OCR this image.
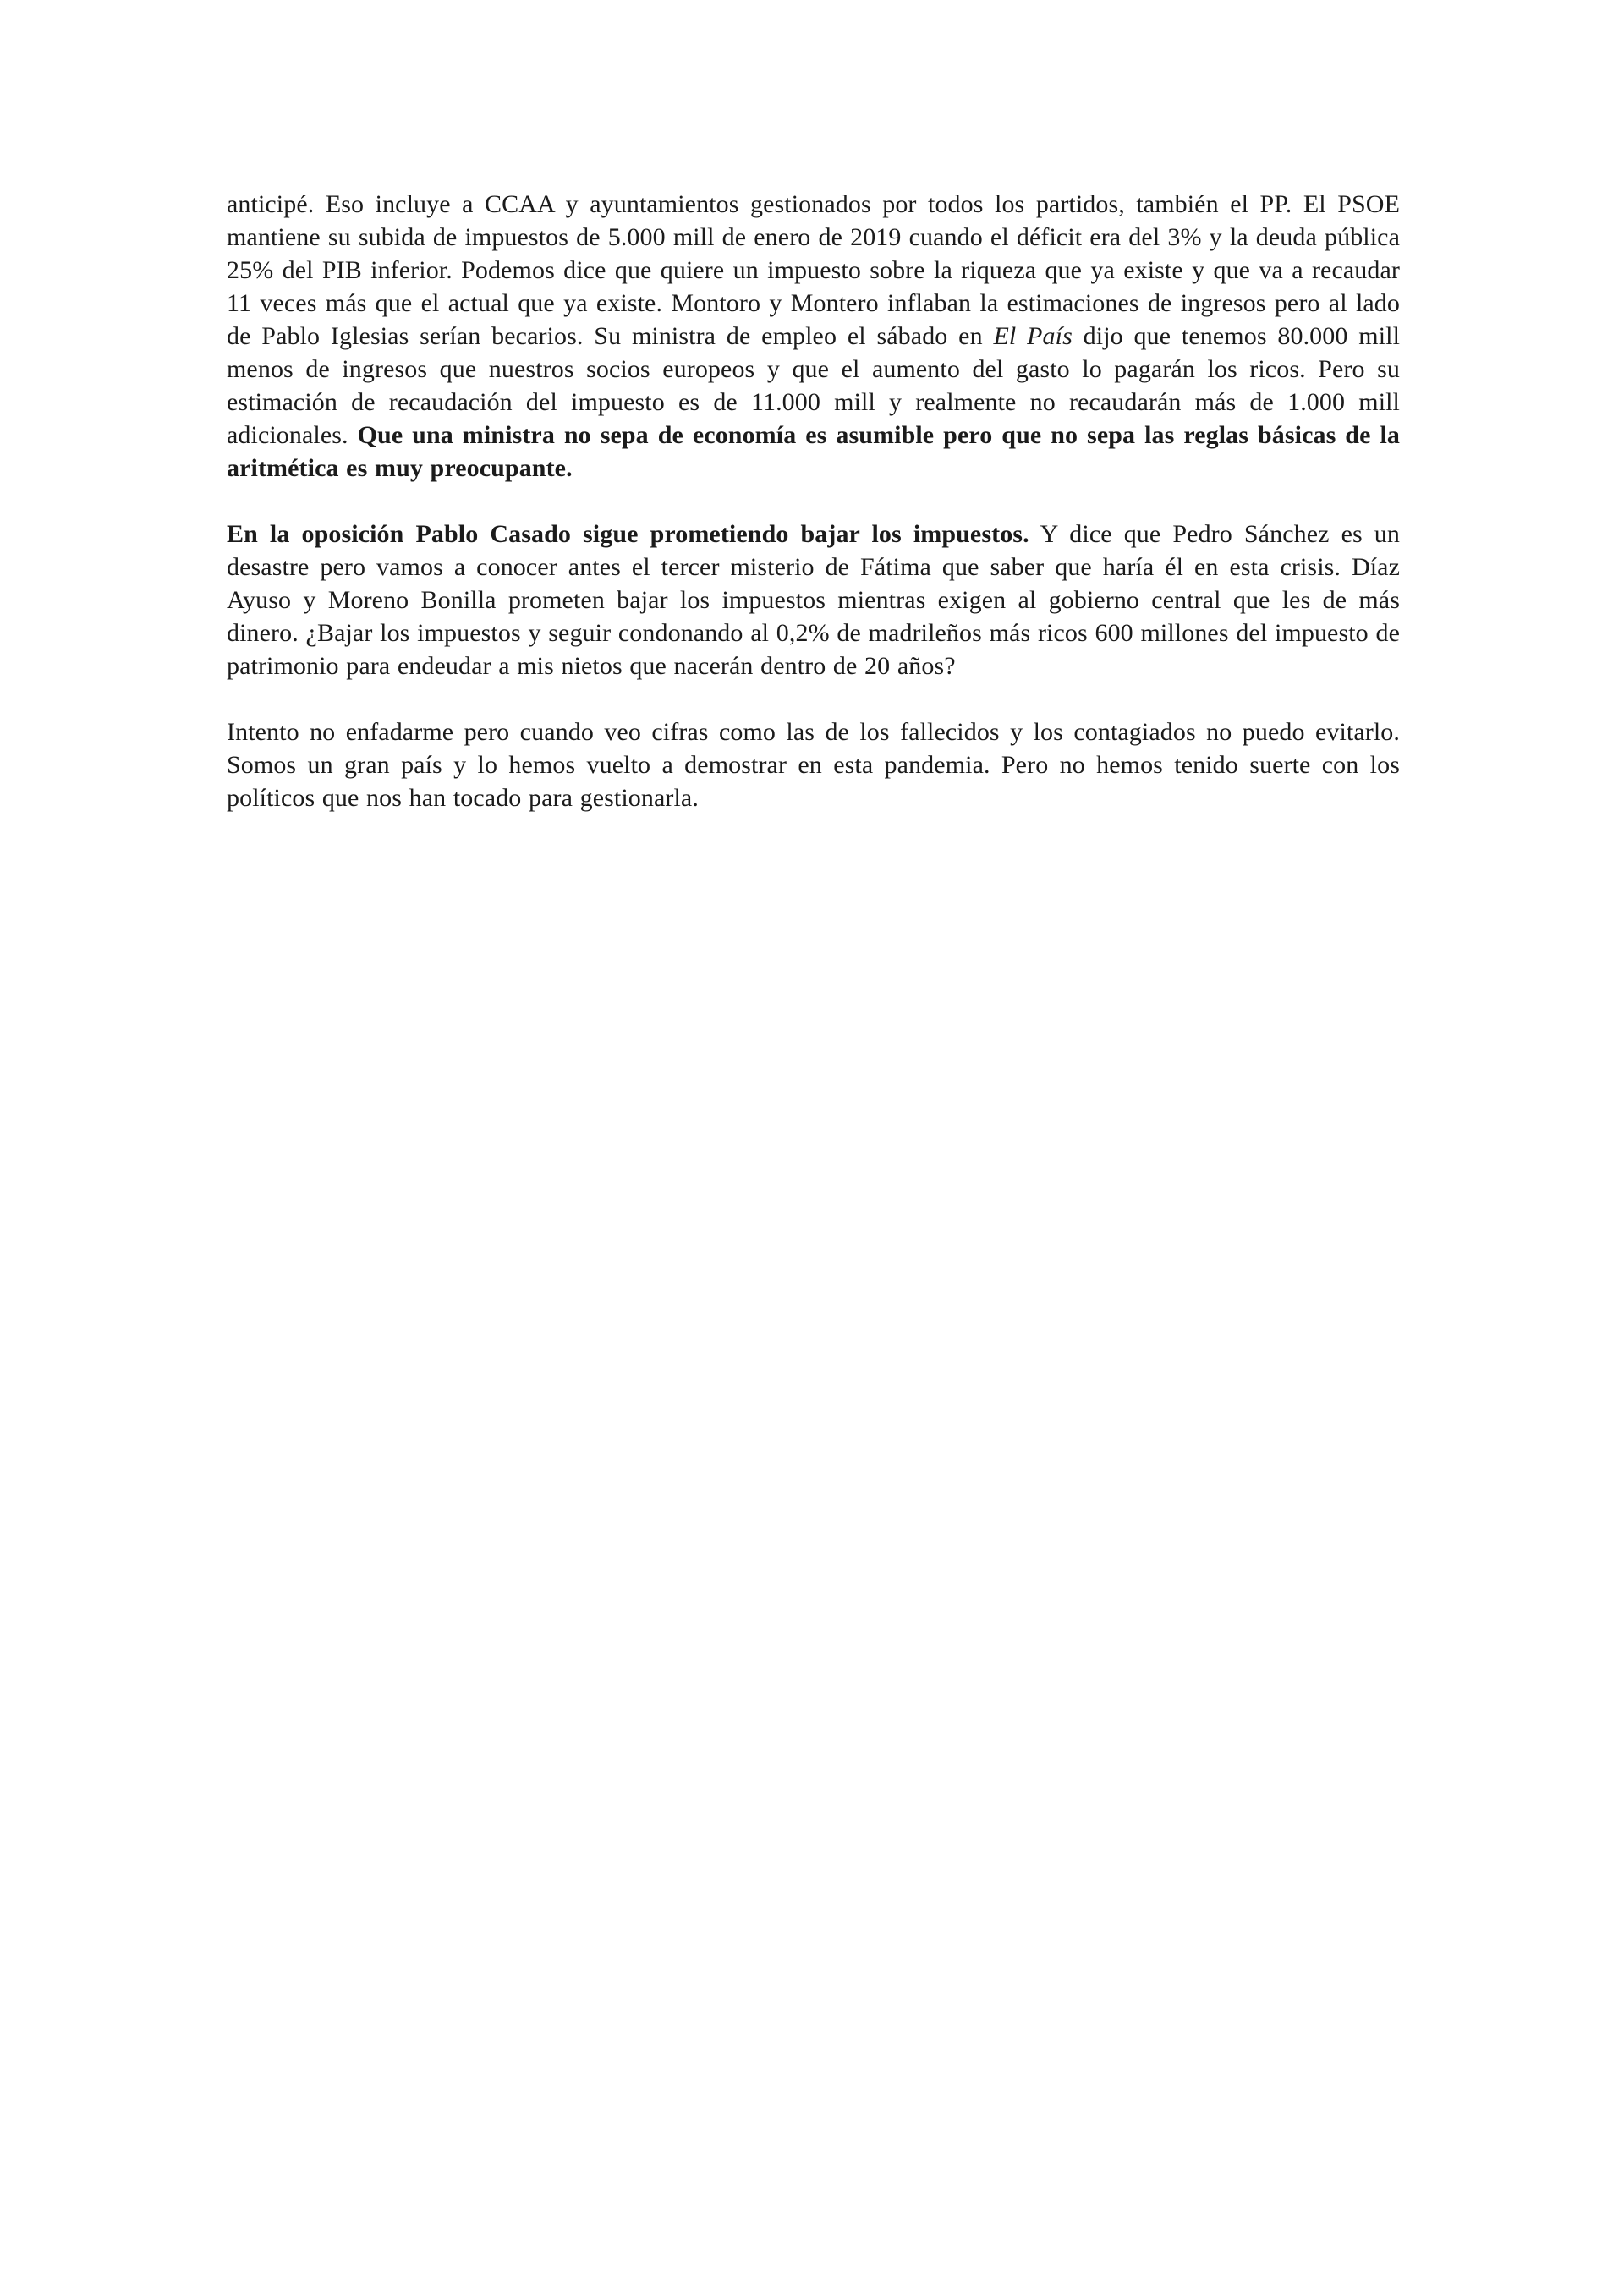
anticipé. Eso incluye a CCAA y ayuntamientos gestionados por todos los partidos, también el PP. El PSOE mantiene su subida de impuestos de 5.000 mill de enero de 2019 cuando el déficit era del 3% y la deuda pública 25% del PIB inferior. Podemos dice que quiere un impuesto sobre la riqueza que ya existe y que va a recaudar 11 veces más que el actual que ya existe. Montoro y Montero inflaban la estimaciones de ingresos pero al lado de Pablo Iglesias serían becarios. Su ministra de empleo el sábado en El País dijo que tenemos 80.000 mill menos de ingresos que nuestros socios europeos y que el aumento del gasto lo pagarán los ricos. Pero su estimación de recaudación del impuesto es de 11.000 mill y realmente no recaudarán más de 1.000 mill adicionales. Que una ministra no sepa de economía es asumible pero que no sepa las reglas básicas de la aritmética es muy preocupante.

En la oposición Pablo Casado sigue prometiendo bajar los impuestos. Y dice que Pedro Sánchez es un desastre pero vamos a conocer antes el tercer misterio de Fátima que saber que haría él en esta crisis. Díaz Ayuso y Moreno Bonilla prometen bajar los impuestos mientras exigen al gobierno central que les de más dinero. ¿Bajar los impuestos y seguir condonando al 0,2% de madrileños más ricos 600 millones del impuesto de patrimonio para endeudar a mis nietos que nacerán dentro de 20 años?

Intento no enfadarme pero cuando veo cifras como las de los fallecidos y los contagiados no puedo evitarlo. Somos un gran país y lo hemos vuelto a demostrar en esta pandemia. Pero no hemos tenido suerte con los políticos que nos han tocado para gestionarla.
